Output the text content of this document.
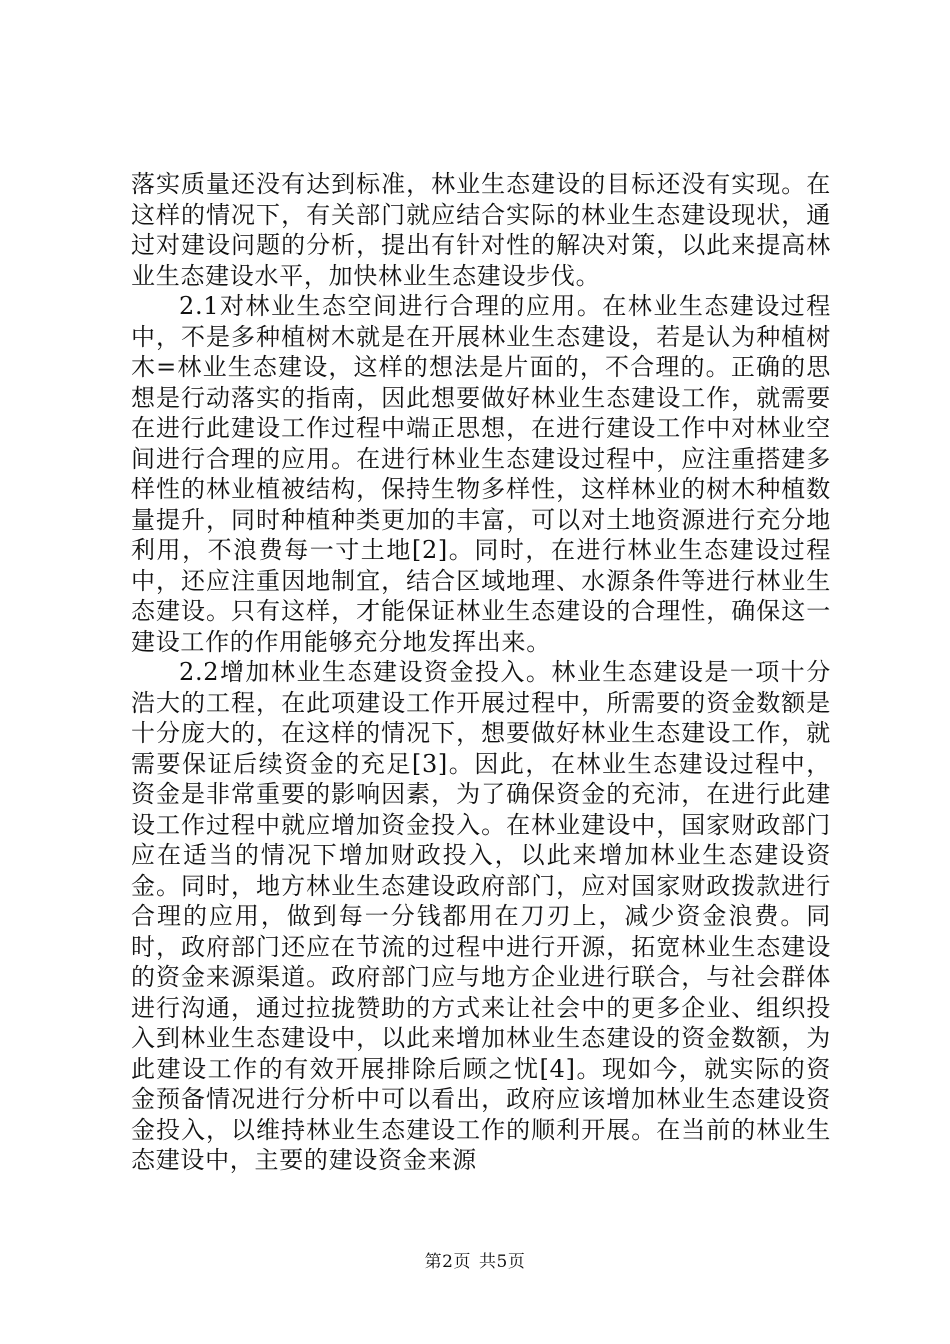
落实质量还没有达到标准，林业生态建设的目标还没有实现。在这样的情况下，有关部门就应结合实际的林业生态建设现状，通过对建设问题的分析，提出有针对性的解决对策，以此来提高林业生态建设水平，加快林业生态建设步伐。

2.1对林业生态空间进行合理的应用。在林业生态建设过程中，不是多种植树木就是在开展林业生态建设，若是认为种植树木=林业生态建设，这样的想法是片面的，不合理的。正确的思想是行动落实的指南，因此想要做好林业生态建设工作，就需要在进行此建设工作过程中端正思想，在进行建设工作中对林业空间进行合理的应用。在进行林业生态建设过程中，应注重搭建多样性的林业植被结构，保持生物多样性，这样林业的树木种植数量提升，同时种植种类更加的丰富，可以对土地资源进行充分地利用，不浪费每一寸土地[2]。同时，在进行林业生态建设过程中，还应注重因地制宜，结合区域地理、水源条件等进行林业生态建设。只有这样，才能保证林业生态建设的合理性，确保这一建设工作的作用能够充分地发挥出来。

2.2增加林业生态建设资金投入。林业生态建设是一项十分浩大的工程，在此项建设工作开展过程中，所需要的资金数额是十分庞大的，在这样的情况下，想要做好林业生态建设工作，就需要保证后续资金的充足[3]。因此，在林业生态建设过程中，资金是非常重要的影响因素，为了确保资金的充沛，在进行此建设工作过程中就应增加资金投入。在林业建设中，国家财政部门应在适当的情况下增加财政投入，以此来增加林业生态建设资金。同时，地方林业生态建设政府部门，应对国家财政拨款进行合理的应用，做到每一分钱都用在刀刃上，减少资金浪费。同时，政府部门还应在节流的过程中进行开源，拓宽林业生态建设的资金来源渠道。政府部门应与地方企业进行联合，与社会群体进行沟通，通过拉拢赞助的方式来让社会中的更多企业、组织投入到林业生态建设中，以此来增加林业生态建设的资金数额，为此建设工作的有效开展排除后顾之忧[4]。现如今，就实际的资金预备情况进行分析中可以看出，政府应该增加林业生态建设资金投入，以维持林业生态建设工作的顺利开展。在当前的林业生态建设中，主要的建设资金来源

第2页 共5页
